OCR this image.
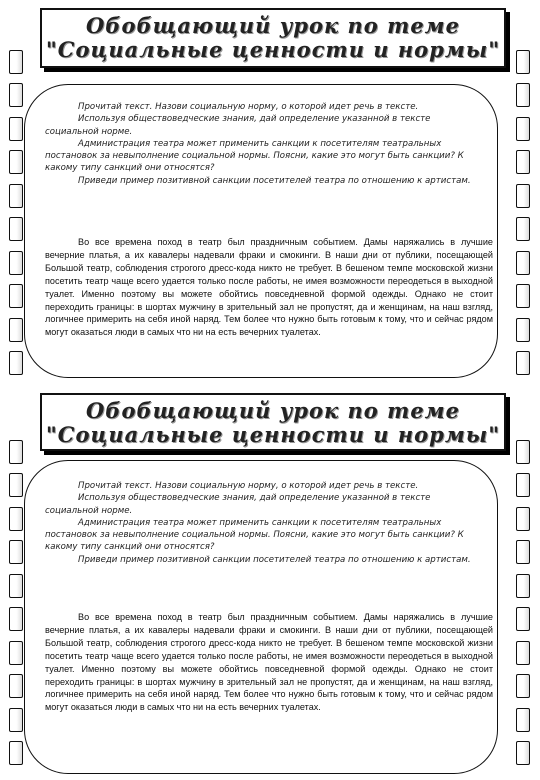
Обобщающий урок по теме
"Социальные ценности и нормы"

Прочитай текст. Назови социальную норму, о которой идет речь в тексте.

Используя обществоведческие знания, дай определение указанной в тексте социальной норме.

Администрация театра может применить санкции к посетителям театральных постановок за невыполнение социальной нормы. Поясни, какие это могут быть санкции? К какому типу санкций они относятся?

Приведи пример позитивной санкции посетителей театра по отношению к артистам.

Во все времена поход в театр был праздничным событием. Дамы наряжались в лучшие вечерние платья, а их кавалеры надевали фраки и смокинги. В наши дни от публики, посещающей Большой театр, соблюдения строгого дресс-кода никто не требует. В бешеном темпе московской жизни посетить театр чаще всего удается только после работы, не имея возможности переодеться в выходной туалет. Именно поэтому вы можете обойтись повседневной формой одежды. Однако не стоит переходить границы: в шортах мужчину в зрительный зал не пропустят, да и женщинам, на наш взгляд, логичнее примерить на себя иной наряд. Тем более что нужно быть готовым к тому, что и сейчас рядом могут оказаться люди в самых что ни на есть вечерних туалетах.

Обобщающий урок по теме
"Социальные ценности и нормы"

Прочитай текст. Назови социальную норму, о которой идет речь в тексте.

Используя обществоведческие знания, дай определение указанной в тексте социальной норме.

Администрация театра может применить санкции к посетителям театральных постановок за невыполнение социальной нормы. Поясни, какие это могут быть санкции? К какому типу санкций они относятся?

Приведи пример позитивной санкции посетителей театра по отношению к артистам.

Во все времена поход в театр был праздничным событием. Дамы наряжались в лучшие вечерние платья, а их кавалеры надевали фраки и смокинги. В наши дни от публики, посещающей Большой театр, соблюдения строгого дресс-кода никто не требует. В бешеном темпе московской жизни посетить театр чаще всего удается только после работы, не имея возможности переодеться в выходной туалет. Именно поэтому вы можете обойтись повседневной формой одежды. Однако не стоит переходить границы: в шортах мужчину в зрительный зал не пропустят, да и женщинам, на наш взгляд, логичнее примерить на себя иной наряд. Тем более что нужно быть готовым к тому, что и сейчас рядом могут оказаться люди в самых что ни на есть вечерних туалетах.
